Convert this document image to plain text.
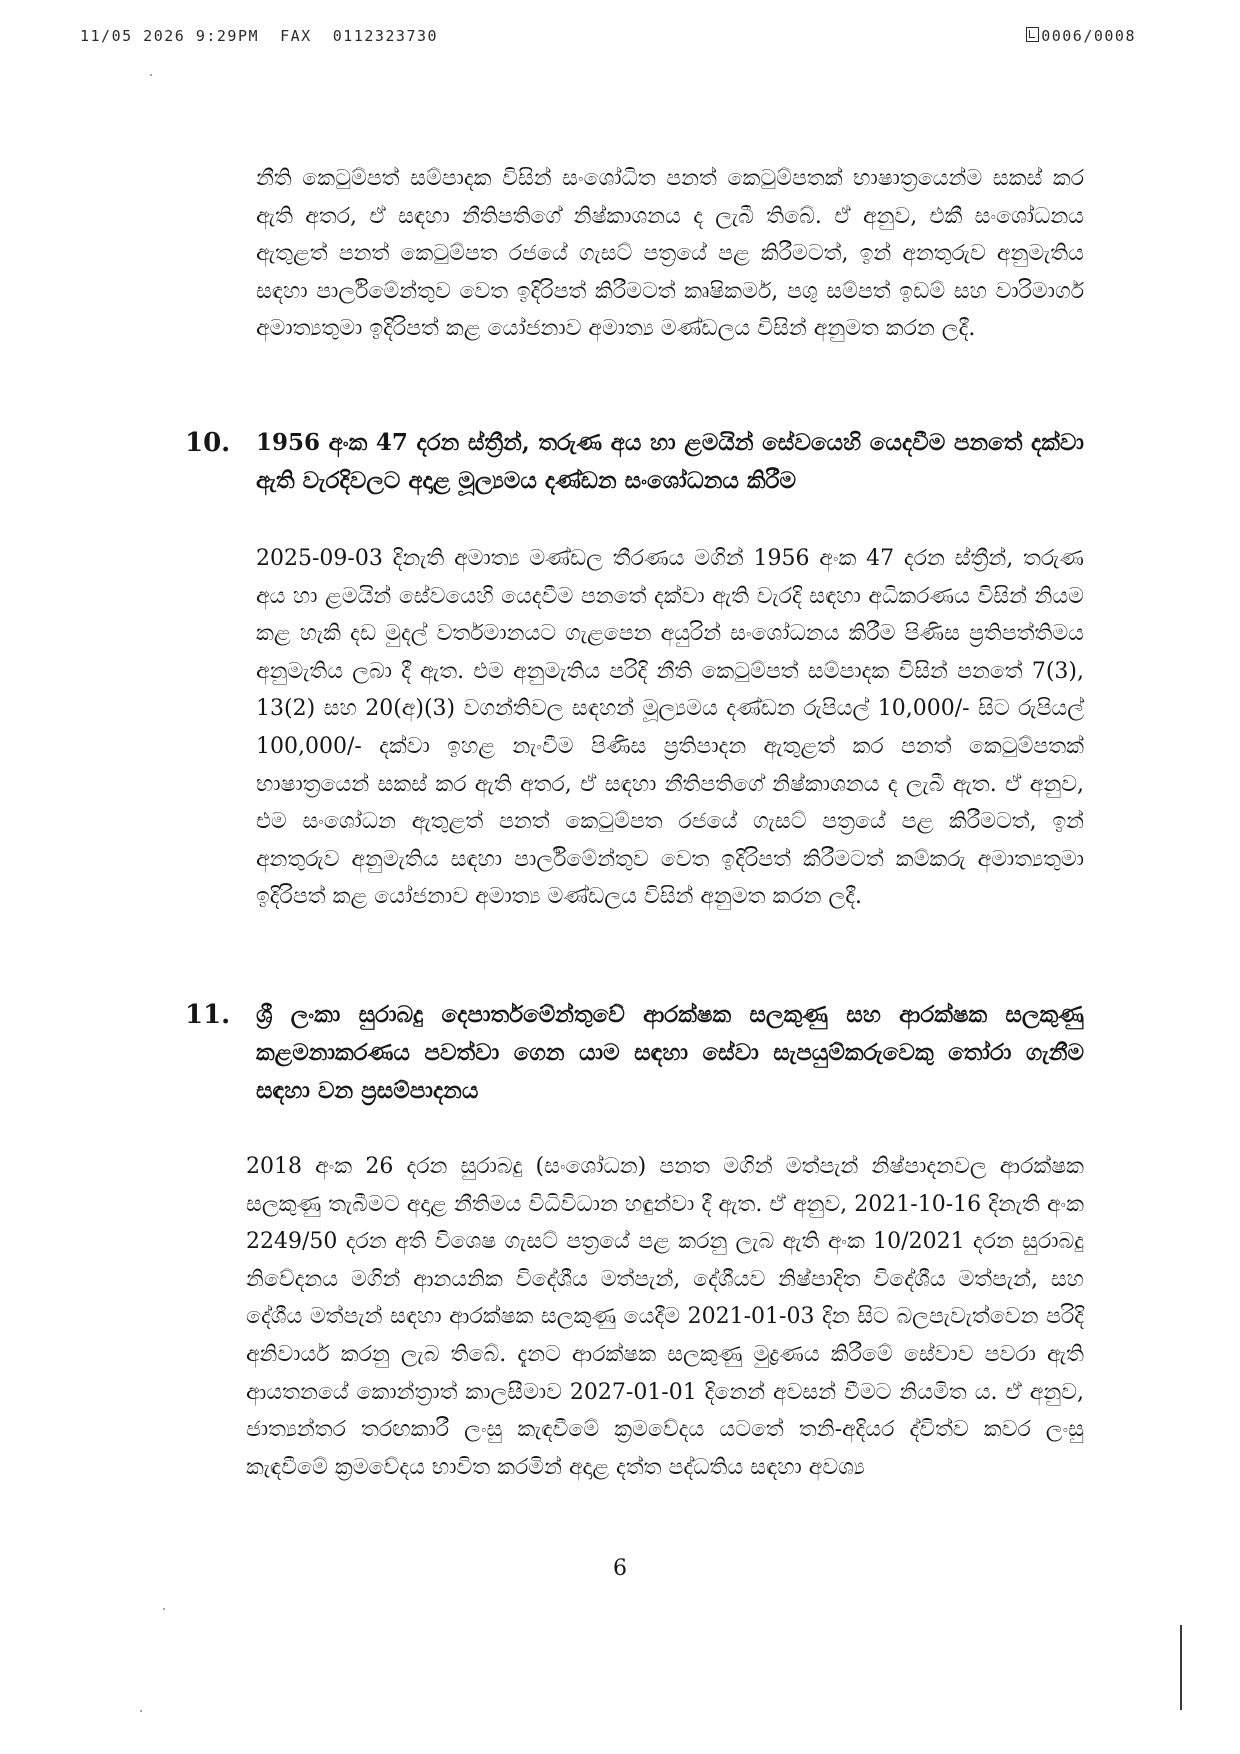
11/05 2026 9:29PM  FAX  0112323730	0006/0008
නීති කෙටුම්පත් සම්පාදක විසින් සංශෝධිත පනත් කෙටුම්පතක් භාෂාත්‍රයෙන්ම සකස් කර ඇති අතර, ඒ සඳහා නීතිපතිගේ නිෂ්කාශනය ද ලැබී තිබේ. ඒ අනුව, එකී සංශෝධනය ඇතුළත් පනත් කෙටුම්පත රජයේ ගැසට් පත්‍රයේ පළ කිරීමටත්, ඉන් අනතුරුව අනුමැතිය සඳහා පාර්ලිමේන්තුව වෙත ඉදිරිපත් කිරීමටත් කෘෂිකර්ම, පශු සම්පත් ඉඩම් සහ වාරිමාර්ග අමාත්‍යතුමා ඉදිරිපත් කළ යෝජනාව අමාත්‍ය මණ්ඩලය විසින් අනුමත කරන ලදී.
10. 1956 අංක 47 දරන ස්ත්‍රීන්, තරුණ අය හා ළමයින් සේවයෙහි යෙදවීම පනතේ දක්වා ඇති වැරදිවලට අදාළ මූල්‍යමය දණ්ඩන සංශෝධනය කිරීම
2025-09-03 දිනැති අමාත්‍ය මණ්ඩල තීරණය මගින් 1956 අංක 47 දරන ස්ත්‍රීන්, තරුණ අය හා ළමයින් සේවයෙහි යෙදවීම පනතේ දක්වා ඇති වැරදි සඳහා අධිකරණය විසින් නියම කළ හැකි දඩ මුදල් වර්තමානයට ගැළපෙන අයුරින් සංශෝධනය කිරීම පිණිස ප්‍රතිපත්තිමය අනුමැතිය ලබා දී ඇත. එම අනුමැතිය පරිදි නීති කෙටුම්පත් සම්පාදක විසින් පනතේ 7(3), 13(2) සහ 20(අ)(3) වගන්තිවල සඳහන් මූල්‍යමය දණ්ඩන රුපියල් 10,000/- සිට රුපියල් 100,000/- දක්වා ඉහළ නැංවීම පිණිස ප්‍රතිපාදන ඇතුළත් කර පනත් කෙටුම්පතක් භාෂාත්‍රයෙන් සකස් කර ඇති අතර, ඒ සඳහා නීතිපතිගේ නිෂ්කාශනය ද ලැබී ඇත. ඒ අනුව, එම සංශෝධන ඇතුළත් පනත් කෙටුම්පත රජයේ ගැසට් පත්‍රයේ පළ කිරීමටත්, ඉන් අනතුරුව අනුමැතිය සඳහා පාර්ලිමේන්තුව වෙත ඉදිරිපත් කිරීමටත් කම්කරු අමාත්‍යතුමා ඉදිරිපත් කළ යෝජනාව අමාත්‍ය මණ්ඩලය විසින් අනුමත කරන ලදී.
11. ශ්‍රී ලංකා සුරාබදු දෙපාර්තමේන්තුවේ ආරක්ෂක සලකුණු සහ ආරක්ෂක සලකුණු කළමනාකරණය පවත්වා ගෙන යාම සඳහා සේවා සැපයුම්කරුවෙකු තෝරා ගැනීම සඳහා වන ප්‍රසම්පාදනය
2018 අංක 26 දරන සුරාබදු (සංශෝධන) පනත මගින් මත්පැන් නිෂ්පාදනවල ආරක්ෂක සලකුණු තැබීමට අදාළ නීතිමය විධිවිධාන හඳුන්වා දී ඇත. ඒ අනුව, 2021-10-16 දිනැති අංක 2249/50 දරන අති විශෙෂ ගැසට් පත්‍රයේ පළ කරනු ලැබ ඇති අංක 10/2021 දරන සුරාබදු නිවේදනය මගින් ආනයනික විදේශීය මත්පැන්, දේශීයව නිෂ්පාදිත විදේශීය මත්පැන්, සහ දේශීය මත්පැන් සඳහා ආරක්ෂක සලකුණු යෙදීම 2021-01-03 දින සිට බලපැවැත්වෙන පරිදි අනිවාර්ය කරනු ලැබ තිබේ. දැනට ආරක්ෂක සලකුණු මුද්‍රණය කිරීමේ සේවාව පවරා ඇති ආයතනයේ කොන්ත්‍රාත් කාලසීමාව 2027-01-01 දිනෙන් අවසන් වීමට නියමිත ය. ඒ අනුව, ජාත්‍යන්තර තරඟකාරී ලංසු කැඳවීමේ ක්‍රමවේදය යටතේ තනි-අදියර ද්විත්ව කවර ලංසු කැඳවීමේ ක්‍රමවේදය භාවිත කරමින් අදාළ දත්ත පද්ධතිය සඳහා අවශ්‍ය
6
